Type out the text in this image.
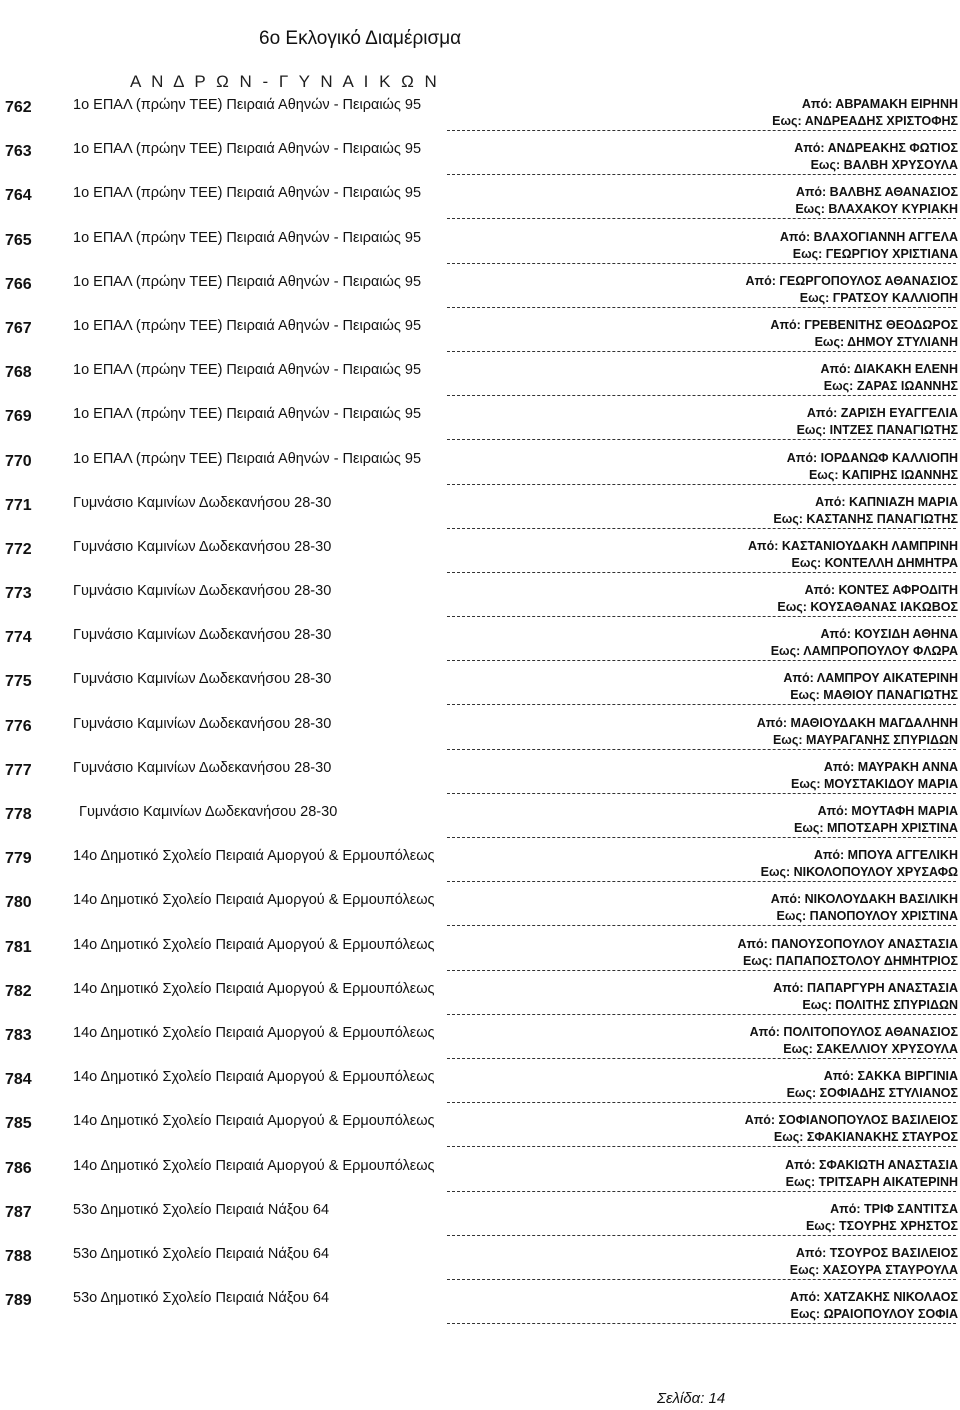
6ο Εκλογικό Διαμέρισμα
Α Ν Δ Ρ Ω Ν - Γ Υ Ν Α Ι Κ Ω Ν
762	1ο ΕΠΑΛ (πρώην ΤΕΕ) Πειραιά Αθηνών - Πειραιώς 95	Από: ΑΒΡΑΜΑΚΗ ΕΙΡΗΝΗ
Εως: ΑΝΔΡΕΑΔΗΣ ΧΡΙΣΤΟΦΗΣ
763	1ο ΕΠΑΛ (πρώην ΤΕΕ) Πειραιά Αθηνών - Πειραιώς 95	Από: ΑΝΔΡΕΑΚΗΣ ΦΩΤΙΟΣ
Εως: ΒΑΛΒΗ ΧΡΥΣΟΥΛΑ
764	1ο ΕΠΑΛ (πρώην ΤΕΕ) Πειραιά Αθηνών - Πειραιώς 95	Από: ΒΑΛΒΗΣ ΑΘΑΝΑΣΙΟΣ
Εως: ΒΛΑΧΑΚΟΥ ΚΥΡΙΑΚΗ
765	1ο ΕΠΑΛ (πρώην ΤΕΕ) Πειραιά Αθηνών - Πειραιώς 95	Από: ΒΛΑΧΟΓΙΑΝΝΗ ΑΓΓΕΛΑ
Εως: ΓΕΩΡΓΙΟΥ ΧΡΙΣΤΙΑΝΑ
766	1ο ΕΠΑΛ (πρώην ΤΕΕ) Πειραιά Αθηνών - Πειραιώς 95	Από: ΓΕΩΡΓΟΠΟΥΛΟΣ ΑΘΑΝΑΣΙΟΣ
Εως: ΓΡΑΤΣΟΥ ΚΑΛΛΙΟΠΗ
767	1ο ΕΠΑΛ (πρώην ΤΕΕ) Πειραιά Αθηνών - Πειραιώς 95	Από: ΓΡΕΒΕΝΙΤΗΣ ΘΕΟΔΩΡΟΣ
Εως: ΔΗΜΟΥ ΣΤΥΛΙΑΝΗ
768	1ο ΕΠΑΛ (πρώην ΤΕΕ) Πειραιά Αθηνών - Πειραιώς 95	Από: ΔΙΑΚΑΚΗ ΕΛΕΝΗ
Εως: ΖΑΡΑΣ ΙΩΑΝΝΗΣ
769	1ο ΕΠΑΛ (πρώην ΤΕΕ) Πειραιά Αθηνών - Πειραιώς 95	Από: ΖΑΡΙΣΗ ΕΥΑΓΓΕΛΙΑ
Εως: ΙΝΤΖΕΣ ΠΑΝΑΓΙΩΤΗΣ
770	1ο ΕΠΑΛ (πρώην ΤΕΕ) Πειραιά Αθηνών - Πειραιώς 95	Από: ΙΟΡΔΑΝΩΦ ΚΑΛΛΙΟΠΗ
Εως: ΚΑΠΙΡΗΣ ΙΩΑΝΝΗΣ
771	Γυμνάσιο Καμινίων Δωδεκανήσου 28-30	Από: ΚΑΠΝΙΑΖΗ ΜΑΡΙΑ
Εως: ΚΑΣΤΑΝΗΣ ΠΑΝΑΓΙΩΤΗΣ
772	Γυμνάσιο Καμινίων Δωδεκανήσου 28-30	Από: ΚΑΣΤΑΝΙΟΥΔΑΚΗ ΛΑΜΠΡΙΝΗ
Εως: ΚΟΝΤΕΛΛΗ ΔΗΜΗΤΡΑ
773	Γυμνάσιο Καμινίων Δωδεκανήσου 28-30	Από: ΚΟΝΤΕΣ ΑΦΡΟΔΙΤΗ
Εως: ΚΟΥΣΑΘΑΝΑΣ ΙΑΚΩΒΟΣ
774	Γυμνάσιο Καμινίων Δωδεκανήσου 28-30	Από: ΚΟΥΣΙΔΗ ΑΘΗΝΑ
Εως: ΛΑΜΠΡΟΠΟΥΛΟΥ ΦΛΩΡΑ
775	Γυμνάσιο Καμινίων Δωδεκανήσου 28-30	Από: ΛΑΜΠΡΟΥ ΑΙΚΑΤΕΡΙΝΗ
Εως: ΜΑΘΙΟΥ ΠΑΝΑΓΙΩΤΗΣ
776	Γυμνάσιο Καμινίων Δωδεκανήσου 28-30	Από: ΜΑΘΙΟΥΔΑΚΗ ΜΑΓΔΑΛΗΝΗ
Εως: ΜΑΥΡΑΓΑΝΗΣ ΣΠΥΡΙΔΩΝ
777	Γυμνάσιο Καμινίων Δωδεκανήσου 28-30	Από: ΜΑΥΡΑΚΗ ΑΝΝΑ
Εως: ΜΟΥΣΤΑΚΙΔΟΥ ΜΑΡΙΑ
778	Γυμνάσιο Καμινίων Δωδεκανήσου 28-30	Από: ΜΟΥΤΑΦΗ ΜΑΡΙΑ
Εως: ΜΠΟΤΣΑΡΗ ΧΡΙΣΤΙΝΑ
779	14ο Δημοτικό Σχολείο Πειραιά Αμοργού & Ερμουπόλεως	Από: ΜΠΟΥΑ ΑΓΓΕΛΙΚΗ
Εως: ΝΙΚΟΛΟΠΟΥΛΟΥ ΧΡΥΣΑΦΩ
780	14ο Δημοτικό Σχολείο Πειραιά Αμοργού & Ερμουπόλεως	Από: ΝΙΚΟΛΟΥΔΑΚΗ ΒΑΣΙΛΙΚΗ
Εως: ΠΑΝΟΠΟΥΛΟΥ ΧΡΙΣΤΙΝΑ
781	14ο Δημοτικό Σχολείο Πειραιά Αμοργού & Ερμουπόλεως	Από: ΠΑΝΟΥΣΟΠΟΥΛΟΥ ΑΝΑΣΤΑΣΙΑ
Εως: ΠΑΠΑΠΟΣΤΟΛΟΥ ΔΗΜΗΤΡΙΟΣ
782	14ο Δημοτικό Σχολείο Πειραιά Αμοργού & Ερμουπόλεως	Από: ΠΑΠΑΡΓΥΡΗ ΑΝΑΣΤΑΣΙΑ
Εως: ΠΟΛΙΤΗΣ ΣΠΥΡΙΔΩΝ
783	14ο Δημοτικό Σχολείο Πειραιά Αμοργού & Ερμουπόλεως	Από: ΠΟΛΙΤΟΠΟΥΛΟΣ ΑΘΑΝΑΣΙΟΣ
Εως: ΣΑΚΕΛΛΙΟΥ ΧΡΥΣΟΥΛΑ
784	14ο Δημοτικό Σχολείο Πειραιά Αμοργού & Ερμουπόλεως	Από: ΣΑΚΚΑ ΒΙΡΓΙΝΙΑ
Εως: ΣΟΦΙΑΔΗΣ ΣΤΥΛΙΑΝΟΣ
785	14ο Δημοτικό Σχολείο Πειραιά Αμοργού & Ερμουπόλεως	Από: ΣΟΦΙΑΝΟΠΟΥΛΟΣ ΒΑΣΙΛΕΙΟΣ
Εως: ΣΦΑΚΙΑΝΑΚΗΣ ΣΤΑΥΡΟΣ
786	14ο Δημοτικό Σχολείο Πειραιά Αμοργού & Ερμουπόλεως	Από: ΣΦΑΚΙΩΤΗ ΑΝΑΣΤΑΣΙΑ
Εως: ΤΡΙΤΣΑΡΗ ΑΙΚΑΤΕΡΙΝΗ
787	53ο Δημοτικό Σχολείο Πειραιά Νάξου 64	Από: ΤΡΙΦ ΣΑΝΤΙΤΣΑ
Εως: ΤΣΟΥΡΗΣ ΧΡΗΣΤΟΣ
788	53ο Δημοτικό Σχολείο Πειραιά Νάξου 64	Από: ΤΣΟΥΡΟΣ ΒΑΣΙΛΕΙΟΣ
Εως: ΧΑΣΟΥΡΑ ΣΤΑΥΡΟΥΛΑ
789	53ο Δημοτικό Σχολείο Πειραιά Νάξου 64	Από: ΧΑΤΖΑΚΗΣ ΝΙΚΟΛΑΟΣ
Εως: ΩΡΑΙΟΠΟΥΛΟΥ ΣΟΦΙΑ
Σελίδα: 14
